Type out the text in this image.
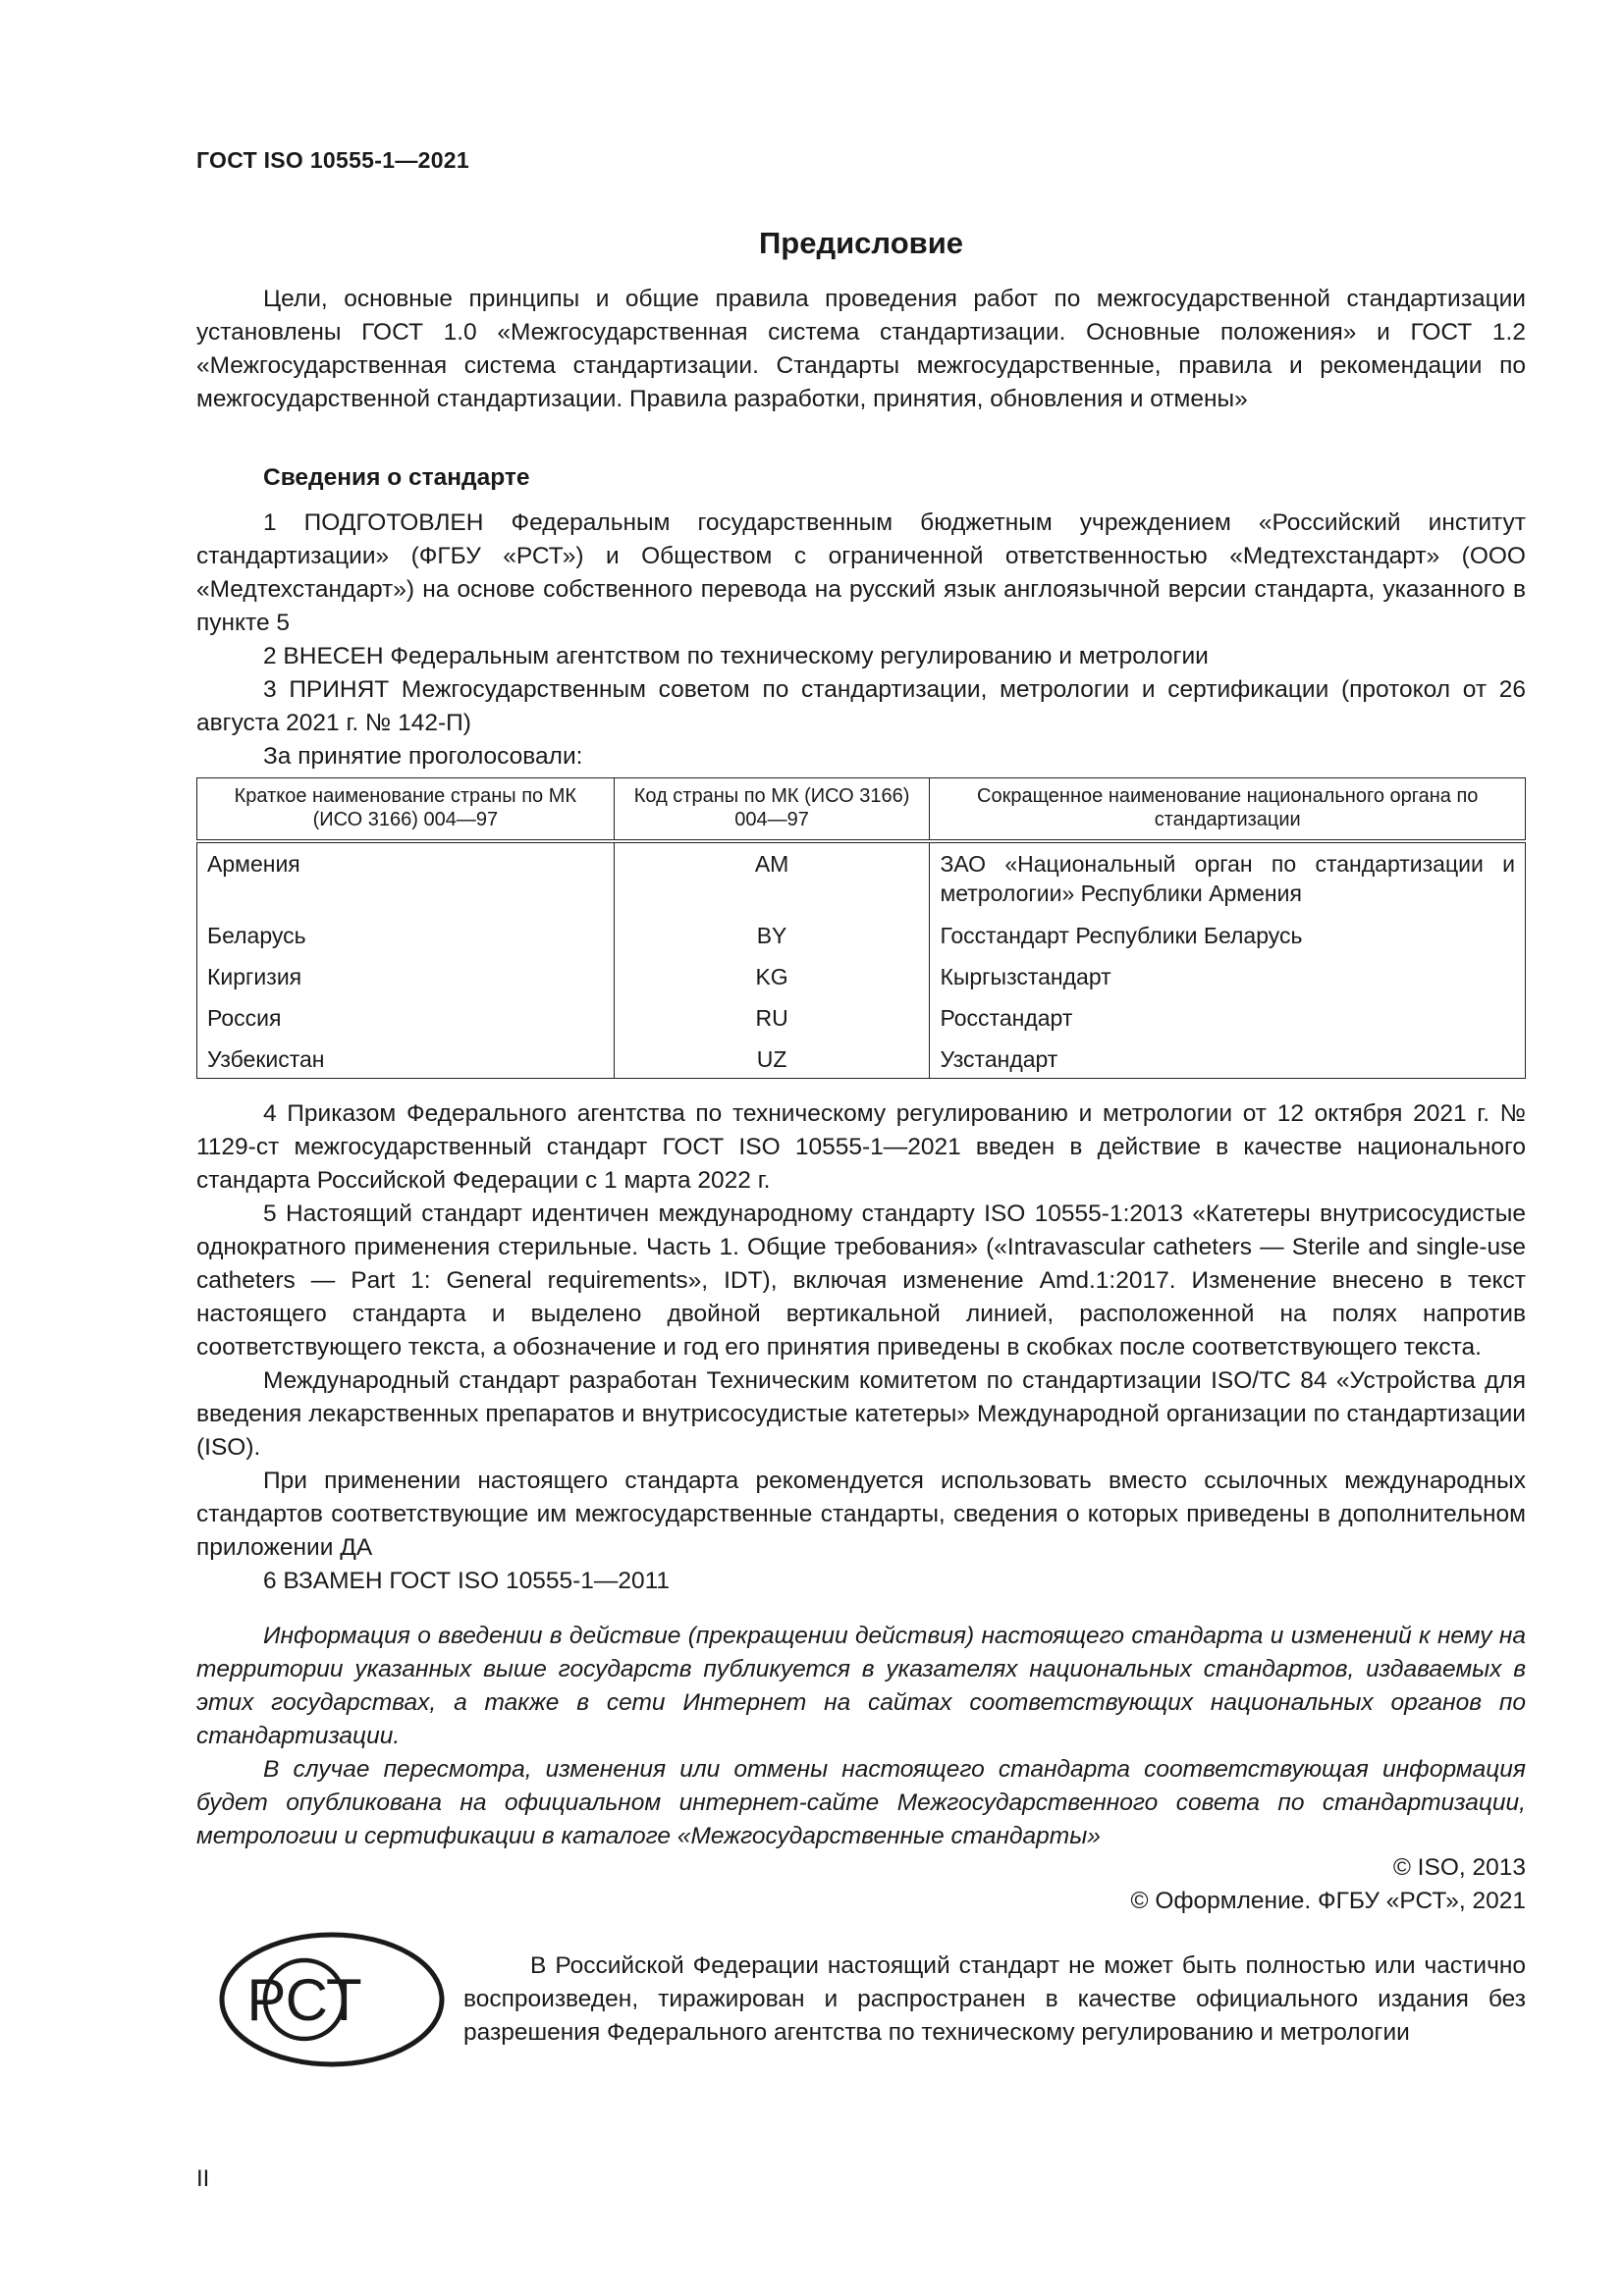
ГОСТ ISO 10555-1—2021
Предисловие

Цели, основные принципы и общие правила проведения работ по межгосударственной стандартизации установлены ГОСТ 1.0 «Межгосударственная система стандартизации. Основные положения» и ГОСТ 1.2 «Межгосударственная система стандартизации. Стандарты межгосударственные, правила и рекомендации по межгосударственной стандартизации. Правила разработки, принятия, обновления и отмены»

Сведения о стандарте

1 ПОДГОТОВЛЕН Федеральным государственным бюджетным учреждением «Российский институт стандартизации» (ФГБУ «РСТ») и Обществом с ограниченной ответственностью «Медтехстандарт» (ООО «Медтехстандарт») на основе собственного перевода на русский язык англоязычной версии стандарта, указанного в пункте 5

2 ВНЕСЕН Федеральным агентством по техническому регулированию и метрологии

3 ПРИНЯТ Межгосударственным советом по стандартизации, метрологии и сертификации (протокол от 26 августа 2021 г. № 142-П)

За принятие проголосовали:

Краткое наименование страны по МК (ИСО 3166) 004—97	Код страны по МК (ИСО 3166) 004—97	Сокращенное наименование национального органа по стандартизации
Армения	AM	ЗАО «Национальный орган по стандартизации и метрологии» Республики Армения
Беларусь	BY	Госстандарт Республики Беларусь
Киргизия	KG	Кыргызстандарт
Россия	RU	Росстандарт
Узбекистан	UZ	Узстандарт

4 Приказом Федерального агентства по техническому регулированию и метрологии от 12 октября 2021 г. № 1129-ст межгосударственный стандарт ГОСТ ISO 10555-1—2021 введен в действие в качестве национального стандарта Российской Федерации с 1 марта 2022 г.

5 Настоящий стандарт идентичен международному стандарту ISO 10555-1:2013 «Катетеры внутрисосудистые однократного применения стерильные. Часть 1. Общие требования» («Intravascular catheters — Sterile and single-use catheters — Part 1: General requirements», IDT), включая изменение Amd.1:2017. Изменение внесено в текст настоящего стандарта и выделено двойной вертикальной линией, расположенной на полях напротив соответствующего текста, а обозначение и год его принятия приведены в скобках после соответствующего текста.

Международный стандарт разработан Техническим комитетом по стандартизации ISO/TC 84 «Устройства для введения лекарственных препаратов и внутрисосудистые катетеры» Международной организации по стандартизации (ISO).

При применении настоящего стандарта рекомендуется использовать вместо ссылочных международных стандартов соответствующие им межгосударственные стандарты, сведения о которых приведены в дополнительном приложении ДА

6 ВЗАМЕН ГОСТ ISO 10555-1—2011

Информация о введении в действие (прекращении действия) настоящего стандарта и изменений к нему на территории указанных выше государств публикуется в указателях национальных стандартов, издаваемых в этих государствах, а также в сети Интернет на сайтах соответствующих национальных органов по стандартизации.

В случае пересмотра, изменения или отмены настоящего стандарта соответствующая информация будет опубликована на официальном интернет-сайте Межгосударственного совета по стандартизации, метрологии и сертификации в каталоге «Межгосударственные стандарты»

© ISO, 2013
© Оформление. ФГБУ «РСТ», 2021
РСТ

В Российской Федерации настоящий стандарт не может быть полностью или частично воспроизведен, тиражирован и распространен в качестве официального издания без разрешения Федерального агентства по техническому регулированию и метрологии

II
